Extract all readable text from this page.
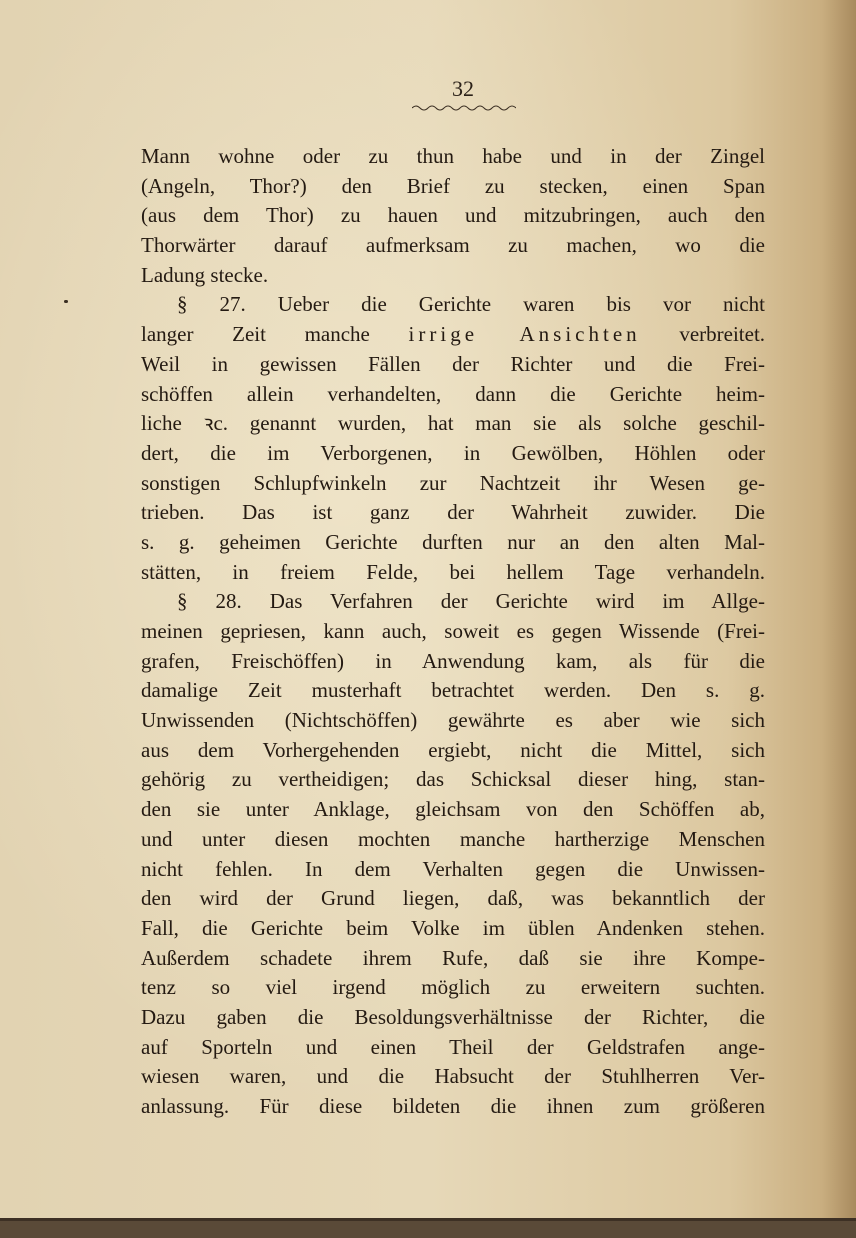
32
Mann wohne oder zu thun habe und in der Zingel
(Angeln, Thor?) den Brief zu stecken, einen Span
(aus dem Thor) zu hauen und mitzubringen, auch den
Thorwärter darauf aufmerksam zu machen, wo die
Ladung stecke.
§ 27. Ueber die Gerichte waren bis vor nicht
langer Zeit manche irrige Ansichten verbreitet.
Weil in gewissen Fällen der Richter und die Frei-
schöffen allein verhandelten, dann die Gerichte heim-
liche ꝛc. genannt wurden, hat man sie als solche geschil-
dert, die im Verborgenen, in Gewölben, Höhlen oder
sonstigen Schlupfwinkeln zur Nachtzeit ihr Wesen ge-
trieben. Das ist ganz der Wahrheit zuwider. Die
s. g. geheimen Gerichte durften nur an den alten Mal-
stätten, in freiem Felde, bei hellem Tage verhandeln.
§ 28. Das Verfahren der Gerichte wird im Allge-
meinen gepriesen, kann auch, soweit es gegen Wissende (Frei-
grafen, Freischöffen) in Anwendung kam, als für die
damalige Zeit musterhaft betrachtet werden. Den s. g.
Unwissenden (Nichtschöffen) gewährte es aber wie sich
aus dem Vorhergehenden ergiebt, nicht die Mittel, sich
gehörig zu vertheidigen; das Schicksal dieser hing, stan-
den sie unter Anklage, gleichsam von den Schöffen ab,
und unter diesen mochten manche hartherzige Menschen
nicht fehlen. In dem Verhalten gegen die Unwissen-
den wird der Grund liegen, daß, was bekanntlich der
Fall, die Gerichte beim Volke im üblen Andenken stehen.
Außerdem schadete ihrem Rufe, daß sie ihre Kompe-
tenz so viel irgend möglich zu erweitern suchten.
Dazu gaben die Besoldungsverhältnisse der Richter, die
auf Sporteln und einen Theil der Geldstrafen ange-
wiesen waren, und die Habsucht der Stuhlherren Ver-
anlassung. Für diese bildeten die ihnen zum größeren
